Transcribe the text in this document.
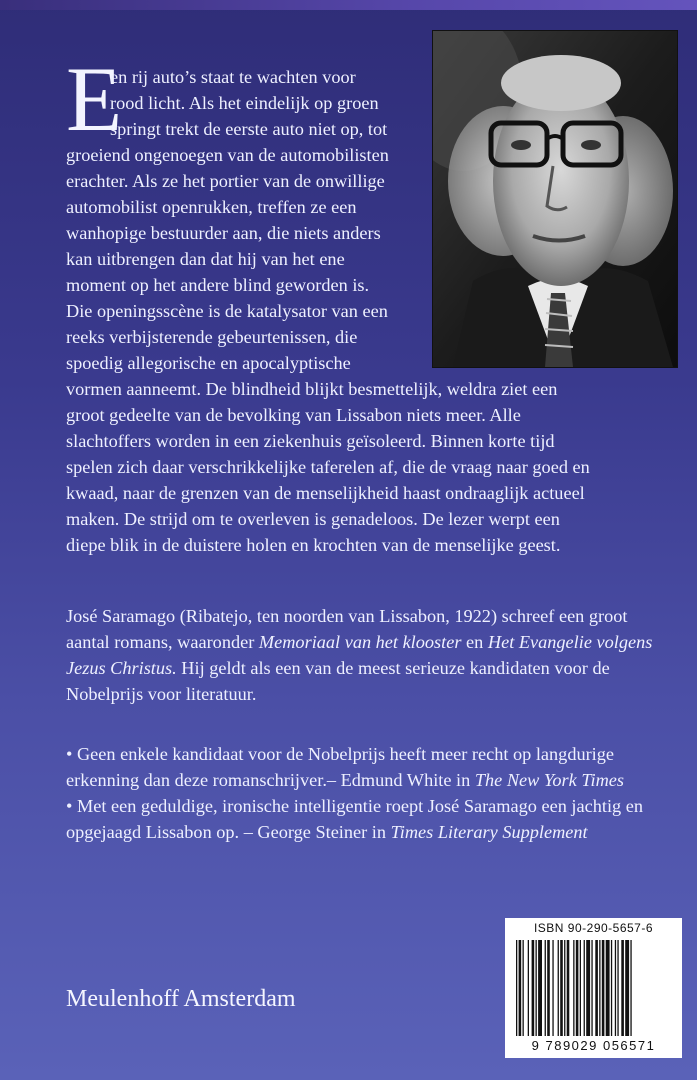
E
en rij auto’s staat te wachten voor
rood licht. Als het eindelijk op groen
springt trekt de eerste auto niet op, tot
groeiend ongenoegen van de automobilisten
erachter. Als ze het portier van de onwillige
automobilist openrukken, treffen ze een
wanhopige bestuurder aan, die niets anders
kan uitbrengen dan dat hij van het ene
moment op het andere blind geworden is.
Die openingsscène is de katalysator van een
reeks verbijsterende gebeurtenissen, die
spoedig allegorische en apocalyptische
vormen aanneemt. De blindheid blijkt besmettelijk, weldra ziet een
groot gedeelte van de bevolking van Lissabon niets meer. Alle
slachtoffers worden in een ziekenhuis geïsoleerd. Binnen korte tijd
spelen zich daar verschrikkelijke taferelen af, die de vraag naar goed en
kwaad, naar de grenzen van de menselijkheid haast ondraaglijk actueel
maken. De strijd om te overleven is genadeloos. De lezer werpt een
diepe blik in de duistere holen en krochten van de menselijke geest.
José Saramago (Ribatejo, ten noorden van Lissabon, 1922) schreef een groot aantal romans, waaronder Memoriaal van het klooster en Het Evangelie volgens Jezus Christus. Hij geldt als een van de meest serieuze kandidaten voor de Nobelprijs voor literatuur.
• Geen enkele kandidaat voor de Nobelprijs heeft meer recht op langdurige erkenning dan deze romanschrijver.– Edmund White in The New York Times
• Met een geduldige, ironische intelligentie roept José Saramago een jachtig en opgejaagd Lissabon op. – George Steiner in Times Literary Supplement
Meulenhoff Amsterdam
ISBN 90-290-5657-6
9 789029 056571
